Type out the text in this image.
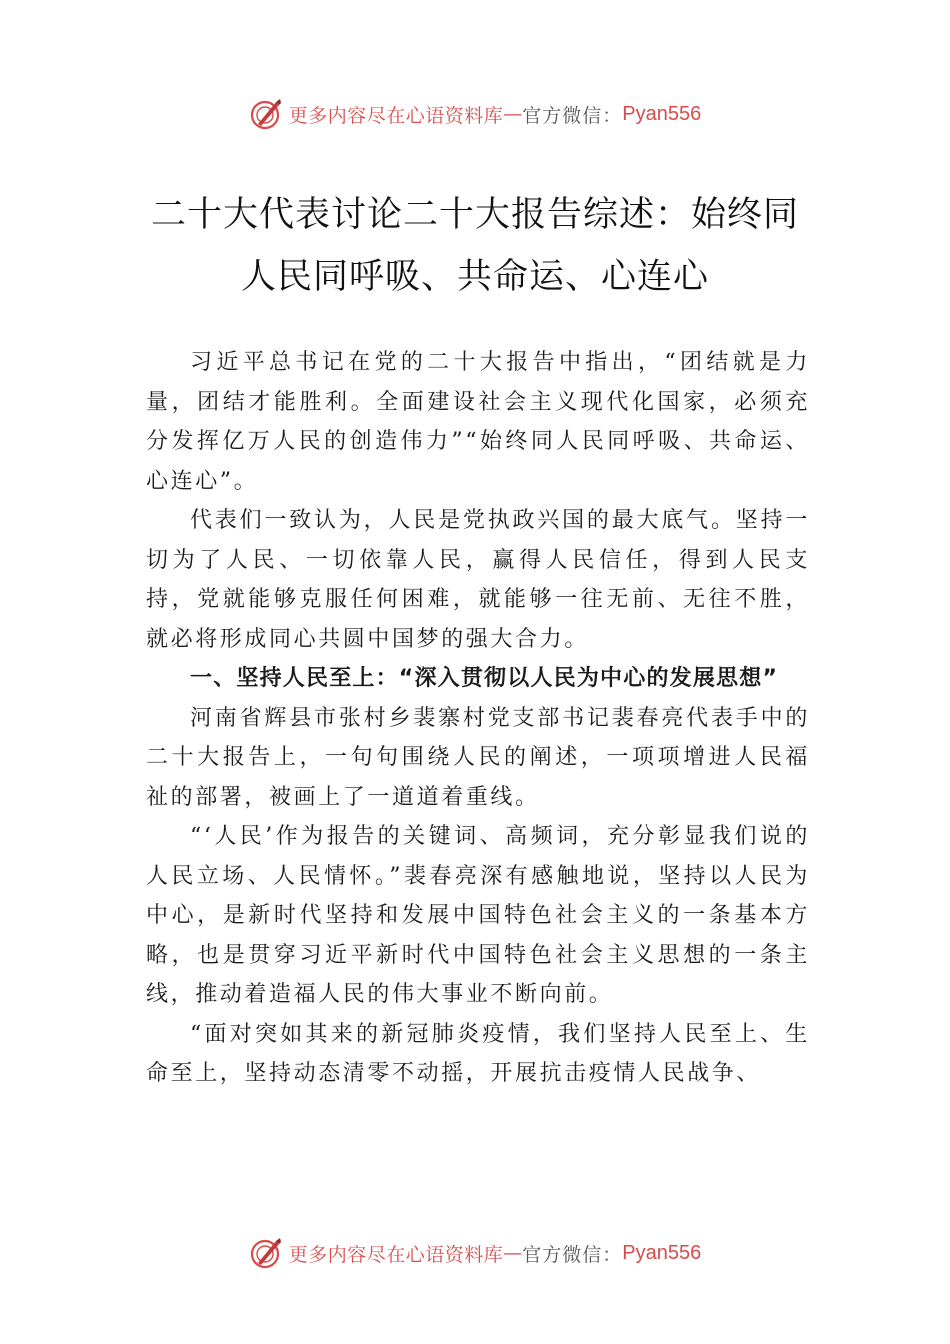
更多内容尽在心语资料库 — 官方微信： Pyan556
二十大代表讨论二十大报告综述：始终同
人民同呼吸、共命运、心连心

习近平总书记在党的二十大报告中指出，“团结就是力量，团结才能胜利。全面建设社会主义现代化国家，必须充分发挥亿万人民的创造伟力”“始终同人民同呼吸、共命运、心连心”。

代表们一致认为，人民是党执政兴国的最大底气。坚持一切为了人民、一切依靠人民，赢得人民信任，得到人民支持，党就能够克服任何困难，就能够一往无前、无往不胜， 就必将形成同心共圆中国梦的强大合力。

一、坚持人民至上：“深入贯彻以人民为中心的发展思想”

河南省辉县市张村乡裴寨村党支部书记裴春亮代表手中的二十大报告上，一句句围绕人民的阐述，一项项增进人民福祉的部署，被画上了一道道着重线。

“‘人民’作为报告的关键词、高频词，充分彰显我们说的人民立场、人民情怀。”裴春亮深有感触地说，坚持以人民为中心，是新时代坚持和发展中国特色社会主义的一条基本方略，也是贯穿习近平新时代中国特色社会主义思想的一条主线，推动着造福人民的伟大事业不断向前。

“面对突如其来的新冠肺炎疫情，我们坚持人民至上、生命至上，坚持动态清零不动摇，开展抗击疫情人民战争、

更多内容尽在心语资料库 — 官方微信： Pyan556
